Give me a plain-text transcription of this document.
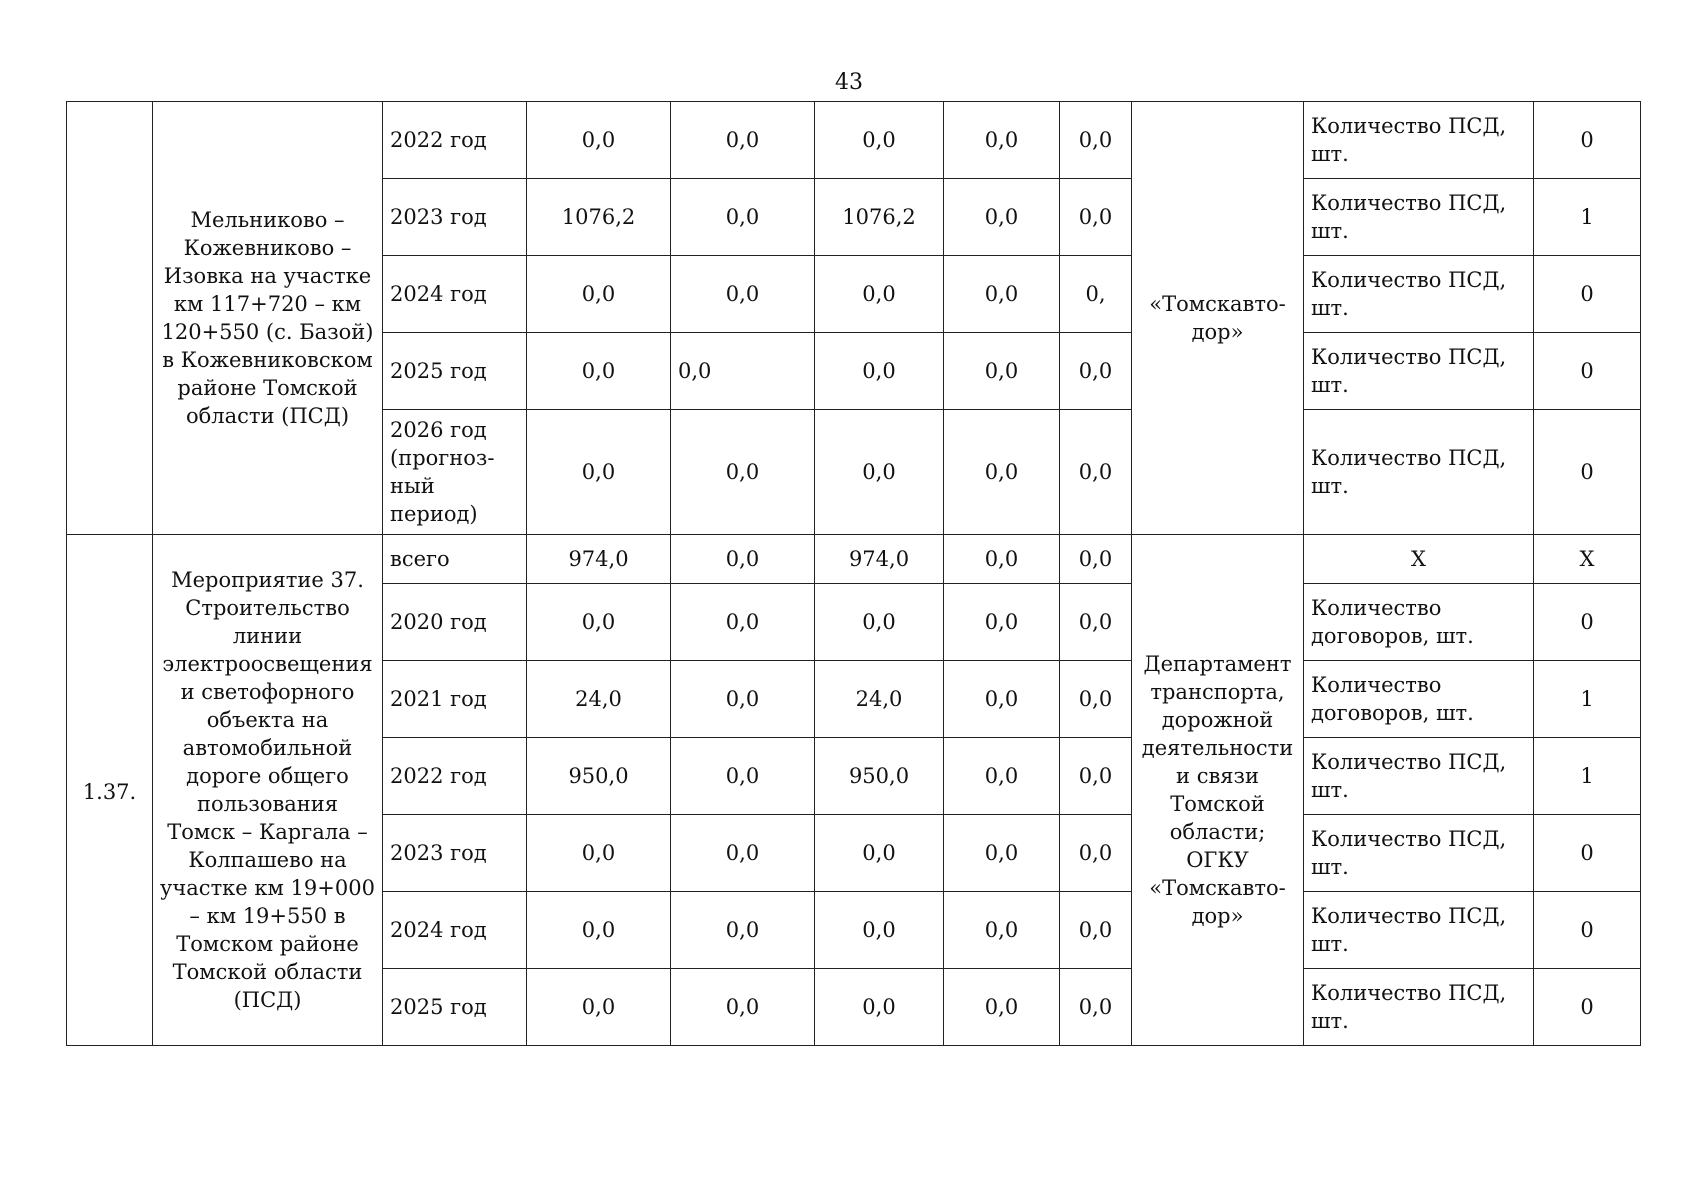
43
	Мельниково – Кожевниково – Изовка на участке км 117+720 – км 120+550 (с. Базой) в Кожевниковском районе Томской области (ПСД)	2022 год	0,0	0,0	0,0	0,0	0,0	«Томскавто-дор»	Количество ПСД, шт.	0
		2023 год	1076,2	0,0	1076,2	0,0	0,0		Количество ПСД, шт.	1
		2024 год	0,0	0,0	0,0	0,0	0,		Количество ПСД, шт.	0
		2025 год	0,0	0,0	0,0	0,0	0,0		Количество ПСД, шт.	0
		2026 год (прогноз-ный период)	0,0	0,0	0,0	0,0	0,0		Количество ПСД, шт.	0
1.37.	Мероприятие 37. Строительство линии электроосвещения и светофорного объекта на автомобильной дороге общего пользования Томск – Каргала – Колпашево на участке км 19+000 – км 19+550 в Томском районе Томской области (ПСД)	всего	974,0	0,0	974,0	0,0	0,0	Департамент транспорта, дорожной деятельности и связи Томской области; ОГКУ «Томскавто-дор»	Х	Х
		2020 год	0,0	0,0	0,0	0,0	0,0		Количество договоров, шт.	0
		2021 год	24,0	0,0	24,0	0,0	0,0		Количество договоров, шт.	1
		2022 год	950,0	0,0	950,0	0,0	0,0		Количество ПСД, шт.	1
		2023 год	0,0	0,0	0,0	0,0	0,0		Количество ПСД, шт.	0
		2024 год	0,0	0,0	0,0	0,0	0,0		Количество ПСД, шт.	0
		2025 год	0,0	0,0	0,0	0,0	0,0		Количество ПСД, шт.	0
